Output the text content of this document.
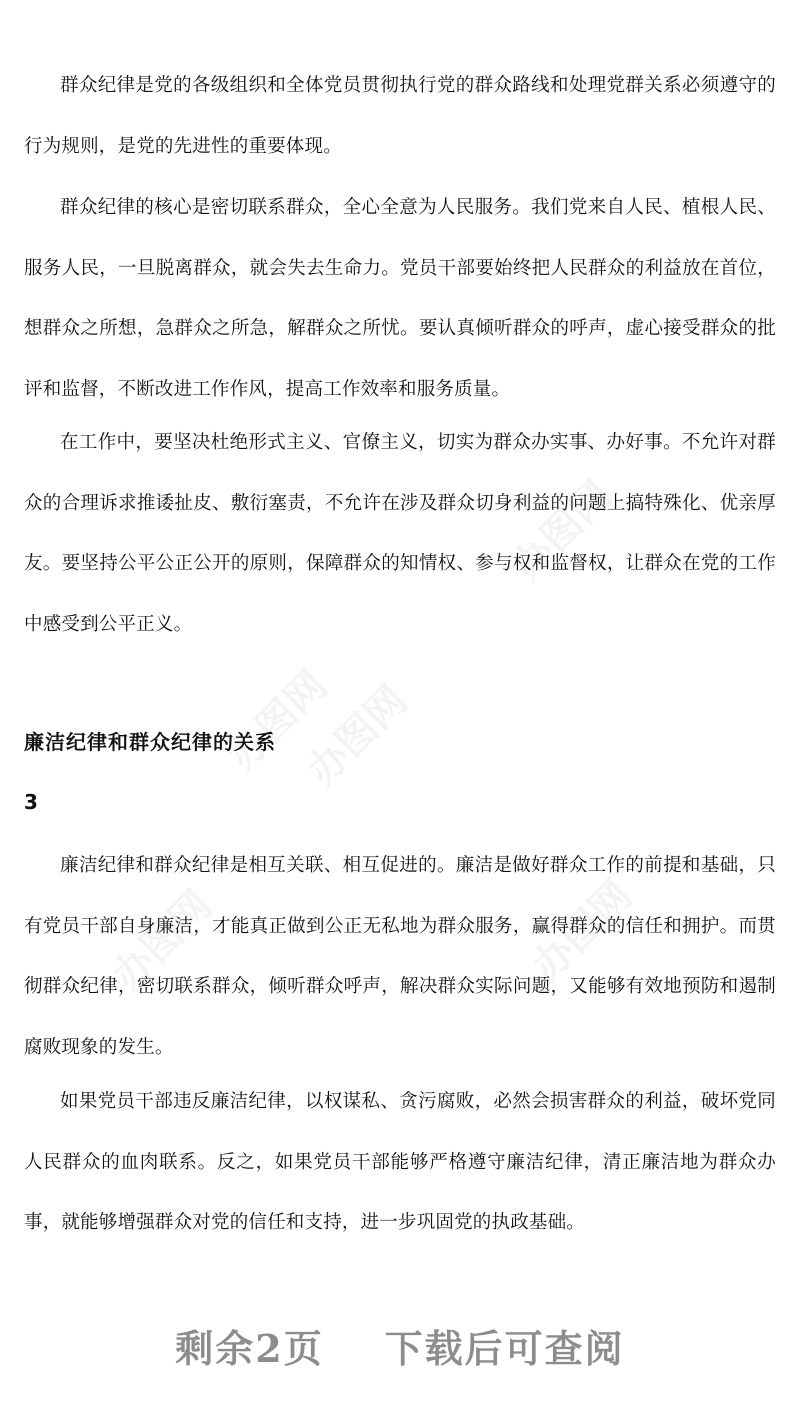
办图网
办图网
办图网
办图网
办图网

群众纪律是党的各级组织和全体党员贯彻执行党的群众路线和处理党群关系必须遵守的行为规则，是党的先进性的重要体现。

群众纪律的核心是密切联系群众，全心全意为人民服务。我们党来自人民、植根人民、服务人民，一旦脱离群众，就会失去生命力。党员干部要始终把人民群众的利益放在首位，想群众之所想，急群众之所急，解群众之所忧。要认真倾听群众的呼声，虚心接受群众的批评和监督，不断改进工作作风，提高工作效率和服务质量。

在工作中，要坚决杜绝形式主义、官僚主义，切实为群众办实事、办好事。不允许对群众的合理诉求推诿扯皮、敷衍塞责，不允许在涉及群众切身利益的问题上搞特殊化、优亲厚友。要坚持公平公正公开的原则，保障群众的知情权、参与权和监督权，让群众在党的工作中感受到公平正义。

廉洁纪律和群众纪律的关系
3

廉洁纪律和群众纪律是相互关联、相互促进的。廉洁是做好群众工作的前提和基础，只有党员干部自身廉洁，才能真正做到公正无私地为群众服务，赢得群众的信任和拥护。而贯彻群众纪律，密切联系群众，倾听群众呼声，解决群众实际问题，又能够有效地预防和遏制腐败现象的发生。

如果党员干部违反廉洁纪律，以权谋私、贪污腐败，必然会损害群众的利益，破坏党同人民群众的血肉联系。反之，如果党员干部能够严格遵守廉洁纪律，清正廉洁地为群众办事，就能够增强群众对党的信任和支持，进一步巩固党的执政基础。

剩余2页 下载后可查阅
